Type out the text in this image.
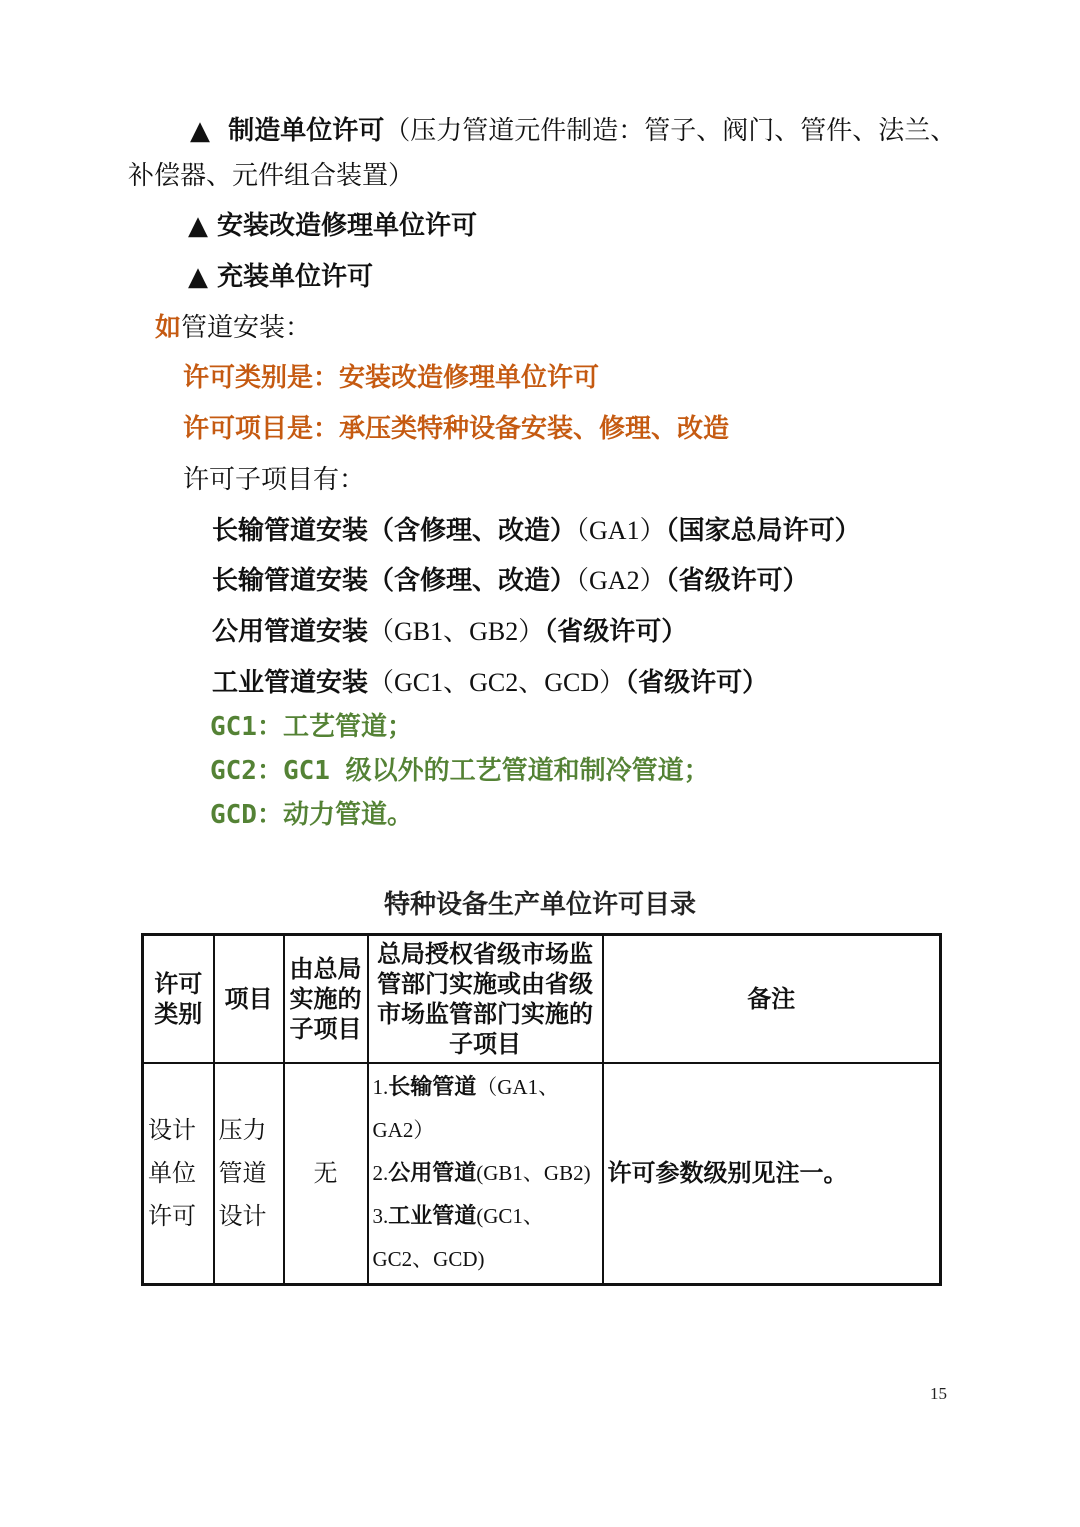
▲ 制造单位许可（压力管道元件制造：管子、阀门、管件、法兰、
补偿器、元件组合装置）
▲ 安装改造修理单位许可
▲ 充装单位许可
如管道安装：
许可类别是：安装改造修理单位许可
许可项目是：承压类特种设备安装、修理、改造
许可子项目有：
长输管道安装（含修理、改造）（GA1）（国家总局许可）
长输管道安装（含修理、改造）（GA2）（省级许可）
公用管道安装（GB1、GB2）（省级许可）
工业管道安装（GC1、GC2、GCD）（省级许可）
GC1：工艺管道；
GC2：GC1 级以外的工艺管道和制冷管道；
GCD：动力管道。
特种设备生产单位许可目录
许可类别	项目	由总局实施的子项目	总局授权省级市场监管部门实施或由省级市场监管部门实施的子项目	备注
设计单位许可	压力管道设计	无	1.长输管道（GA1、GA2）
2.公用管道(GB1、GB2)
3.工业管道(GC1、GC2、GCD)	许可参数级别见注一。
15
